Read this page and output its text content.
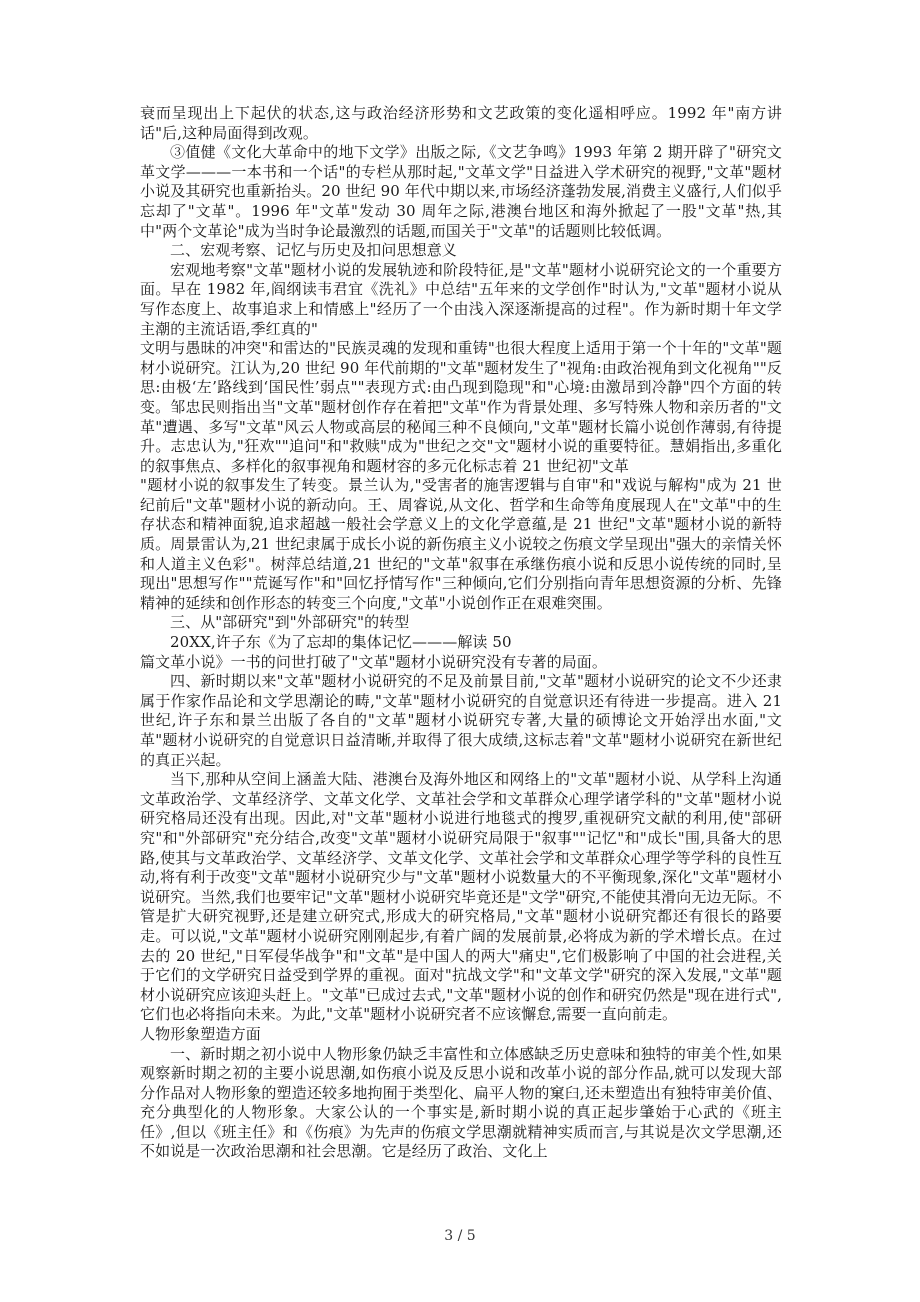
衰而呈现出上下起伏的状态,这与政治经济形势和文艺政策的变化遥相呼应。1992 年"南方讲话"后,这种局面得到改观。

③值健《文化大革命中的地下文学》出版之际,《文艺争鸣》1993 年第 2 期开辟了"研究文革文学———一本书和一个话"的专栏从那时起,"文革文学"日益进入学术研究的视野,"文革"题材小说及其研究也重新抬头。20 世纪 90 年代中期以来,市场经济蓬勃发展,消费主义盛行,人们似乎忘却了"文革"。1996 年"文革"发动 30 周年之际,港澳台地区和海外掀起了一股"文革"热,其中"两个文革论"成为当时争论最激烈的话题,而国关于"文革"的话题则比较低调。

二、宏观考察、记忆与历史及扣问思想意义

宏观地考察"文革"题材小说的发展轨迹和阶段特征,是"文革"题材小说研究论文的一个重要方面。早在 1982 年,阎纲读韦君宜《洗礼》中总结"五年来的文学创作"时认为,"文革"题材小说从写作态度上、故事追求上和情感上"经历了一个由浅入深逐渐提高的过程"。作为新时期十年文学主潮的主流话语,季红真的"

文明与愚昧的冲突"和雷达的"民族灵魂的发现和重铸"也很大程度上适用于第一个十年的"文革"题材小说研究。江认为,20 世纪 90 年代前期的"文革"题材发生了"视角:由政治视角到文化视角""反思:由极‘左’路线到‘国民性’弱点""表现方式:由凸现到隐现"和"心境:由激昂到冷静"四个方面的转变。邹忠民则指出当"文革"题材创作存在着把"文革"作为背景处理、多写特殊人物和亲历者的"文革"遭遇、多写"文革"风云人物或高层的秘闻三种不良倾向,"文革"题材长篇小说创作薄弱,有待提升。志忠认为,"狂欢""追问"和"救赎"成为"世纪之交"文"题材小说的重要特征。慧娟指出,多重化的叙事焦点、多样化的叙事视角和题材容的多元化标志着 21 世纪初"文革

"题材小说的叙事发生了转变。景兰认为,"受害者的施害逻辑与自审"和"戏说与解构"成为 21 世纪前后"文革"题材小说的新动向。王、周睿说,从文化、哲学和生命等角度展现人在"文革"中的生存状态和精神面貌,追求超越一般社会学意义上的文化学意蕴,是 21 世纪"文革"题材小说的新特质。周景雷认为,21 世纪隶属于成长小说的新伤痕主义小说较之伤痕文学呈现出"强大的亲情关怀和人道主义色彩"。树萍总结道,21 世纪的"文革"叙事在承继伤痕小说和反思小说传统的同时,呈现出"思想写作""荒诞写作"和"回忆抒情写作"三种倾向,它们分别指向青年思想资源的分析、先锋精神的延续和创作形态的转变三个向度,"文革"小说创作正在艰难突围。

三、从"部研究"到"外部研究"的转型

20XX,许子东《为了忘却的集体记忆———解读 50

篇文革小说》一书的问世打破了"文革"题材小说研究没有专著的局面。

四、新时期以来"文革"题材小说研究的不足及前景目前,"文革"题材小说研究的论文不少还隶属于作家作品论和文学思潮论的畴,"文革"题材小说研究的自觉意识还有待进一步提高。进入 21 世纪,许子东和景兰出版了各自的"文革"题材小说研究专著,大量的硕博论文开始浮出水面,"文革"题材小说研究的自觉意识日益清晰,并取得了很大成绩,这标志着"文革"题材小说研究在新世纪的真正兴起。

当下,那种从空间上涵盖大陆、港澳台及海外地区和网络上的"文革"题材小说、从学科上沟通文革政治学、文革经济学、文革文化学、文革社会学和文革群众心理学诸学科的"文革"题材小说研究格局还没有出现。因此,对"文革"题材小说进行地毯式的搜罗,重视研究文献的利用,使"部研究"和"外部研究"充分结合,改变"文革"题材小说研究局限于"叙事""记忆"和"成长"围,具备大的思路,使其与文革政治学、文革经济学、文革文化学、文革社会学和文革群众心理学等学科的良性互动,将有利于改变"文革"题材小说研究少与"文革"题材小说数量大的不平衡现象,深化"文革"题材小说研究。当然,我们也要牢记"文革"题材小说研究毕竟还是"文学"研究,不能使其滑向无边无际。不管是扩大研究视野,还是建立研究式,形成大的研究格局,"文革"题材小说研究都还有很长的路要走。可以说,"文革"题材小说研究刚刚起步,有着广阔的发展前景,必将成为新的学术增长点。在过去的 20 世纪,"日军侵华战争"和"文革"是中国人的两大"痛史",它们极影响了中国的社会进程,关于它们的文学研究日益受到学界的重视。面对"抗战文学"和"文革文学"研究的深入发展,"文革"题材小说研究应该迎头赶上。"文革"已成过去式,"文革"题材小说的创作和研究仍然是"现在进行式",它们也必将指向未来。为此,"文革"题材小说研究者不应该懈怠,需要一直向前走。

人物形象塑造方面

一、新时期之初小说中人物形象仍缺乏丰富性和立体感缺乏历史意味和独特的审美个性,如果观察新时期之初的主要小说思潮,如伤痕小说及反思小说和改革小说的部分作品,就可以发现大部分作品对人物形象的塑造还较多地拘囿于类型化、扁平人物的窠臼,还未塑造出有独特审美价值、充分典型化的人物形象。大家公认的一个事实是,新时期小说的真正起步肇始于心武的《班主任》,但以《班主任》和《伤痕》为先声的伤痕文学思潮就精神实质而言,与其说是次文学思潮,还不如说是一次政治思潮和社会思潮。它是经历了政治、文化上

3 / 5
